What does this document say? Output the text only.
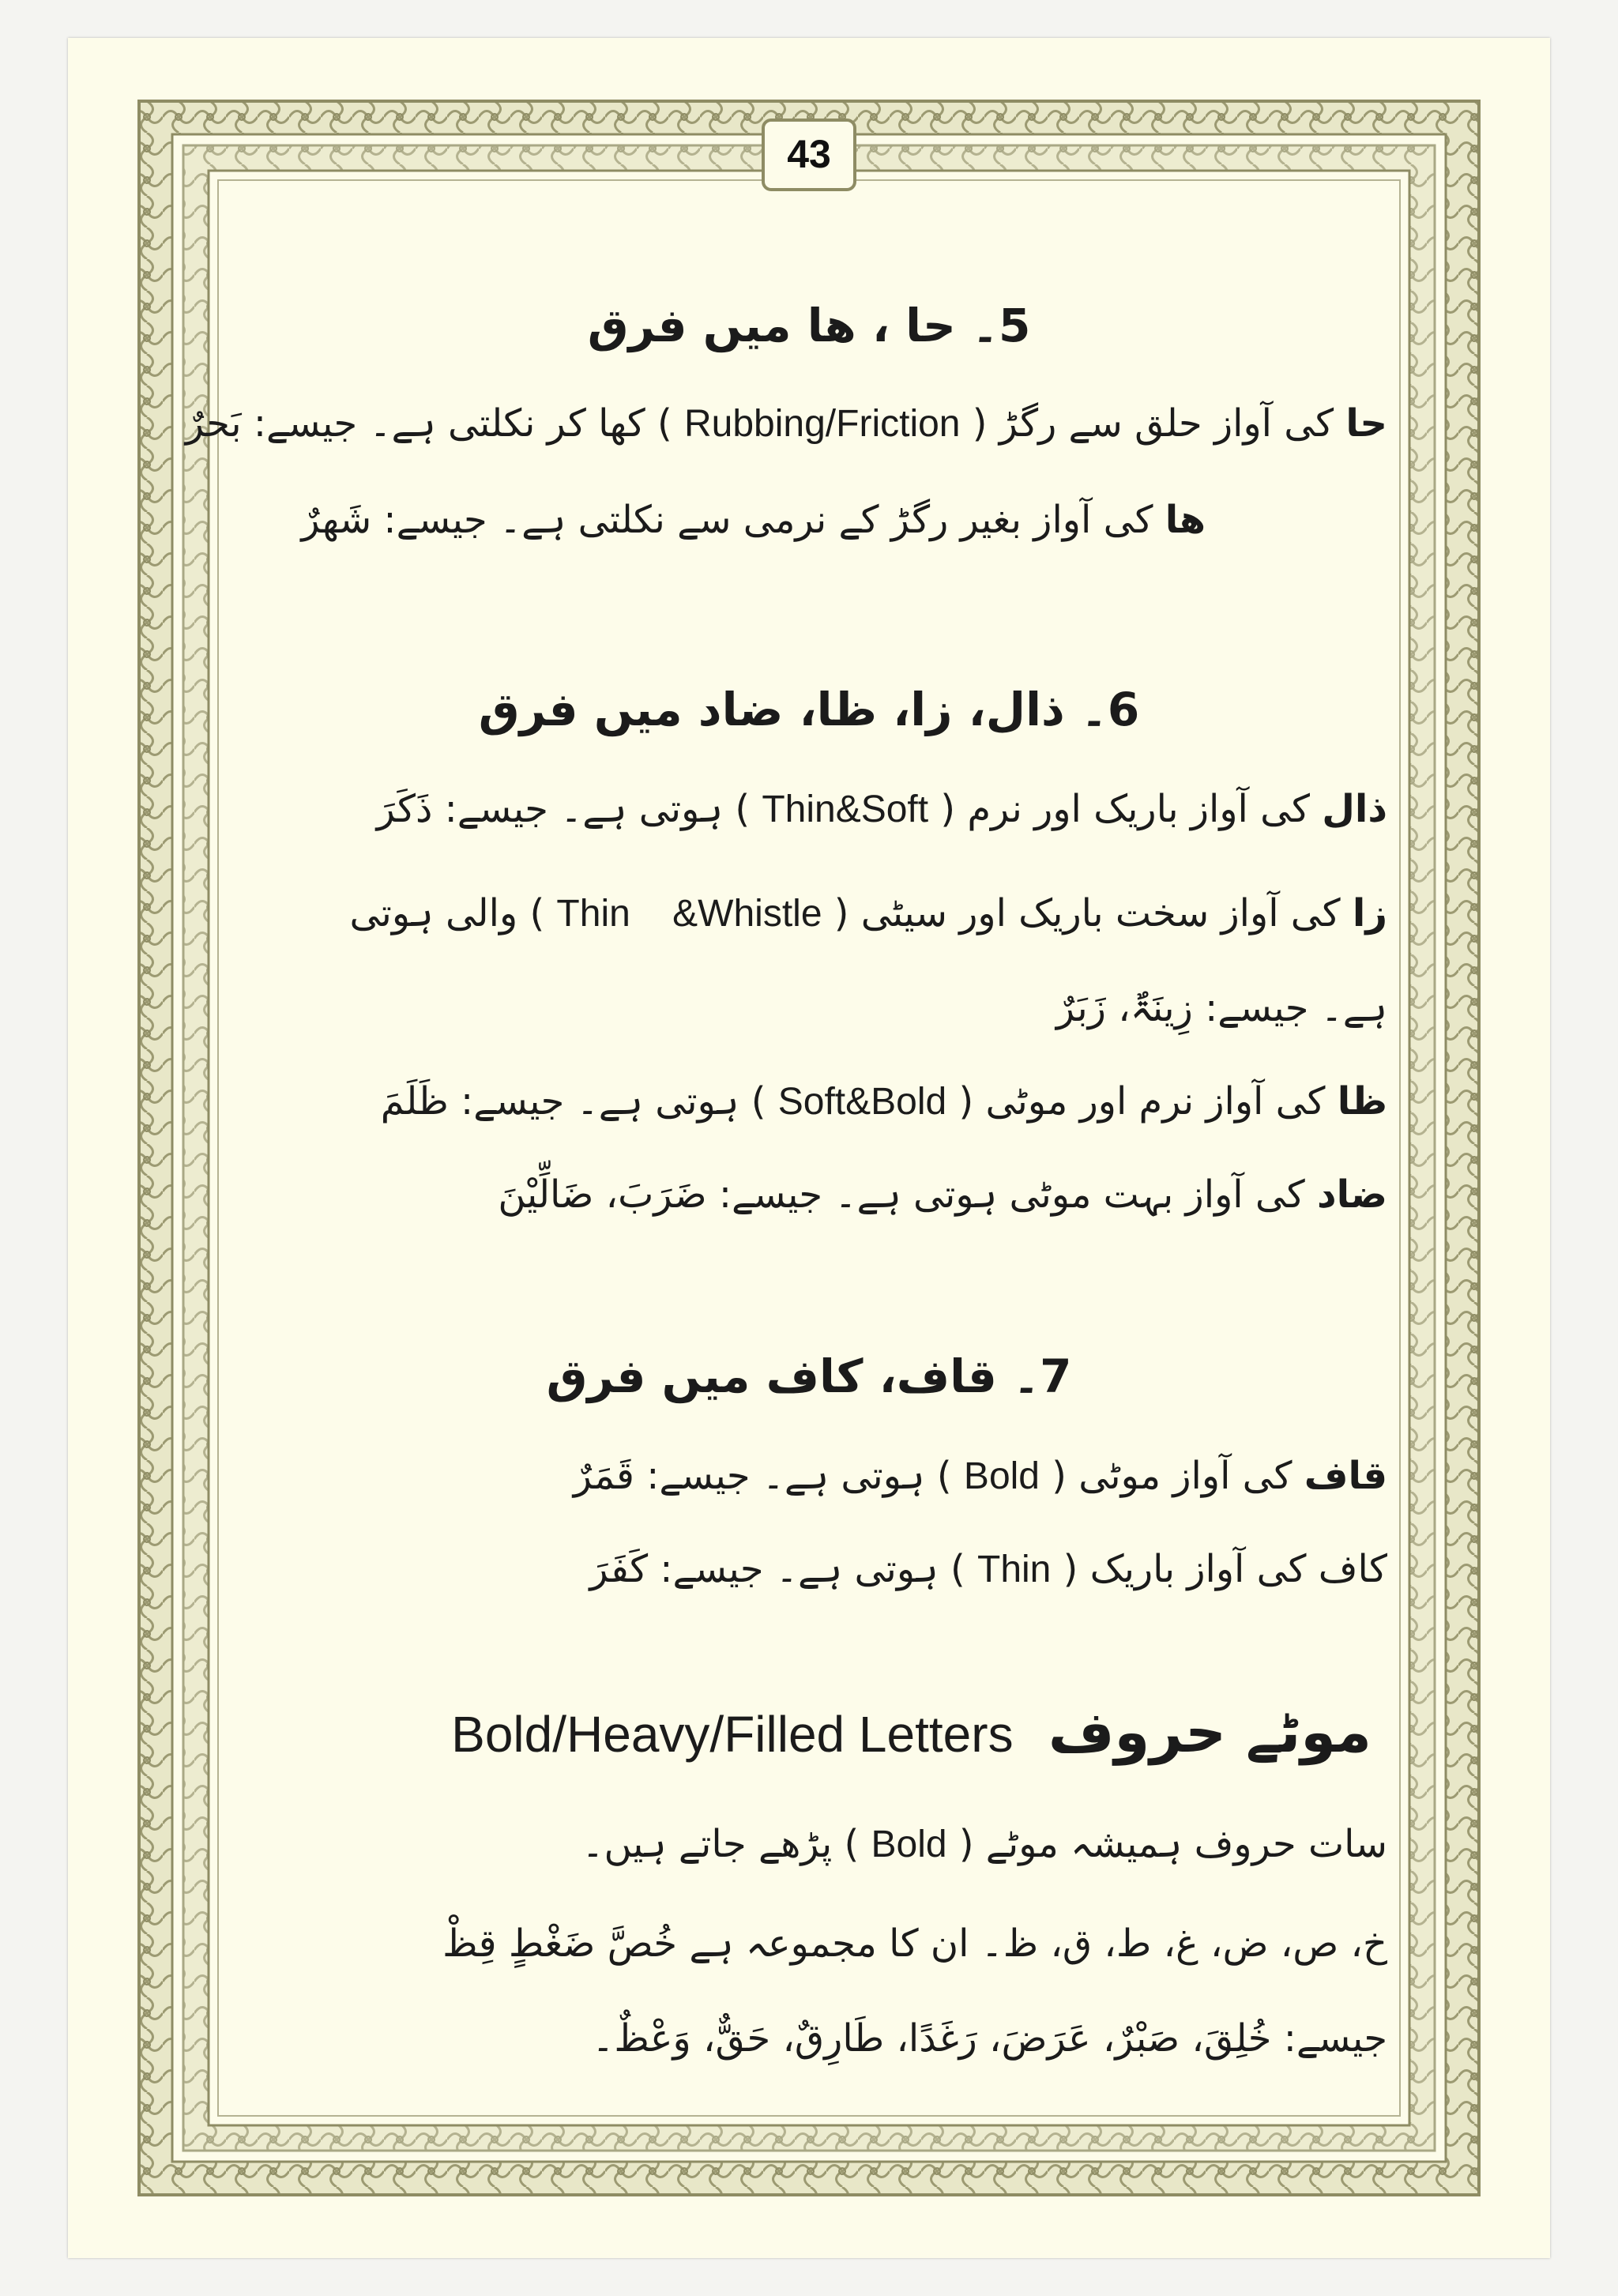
43
5۔ حا ، ھا میں فرق
حا کی آواز حلق سے رگڑ ( Rubbing/Friction ) کھا کر نکلتی ہے۔ جیسے: بَحرٌ
ھا کی آواز بغیر رگڑ کے نرمی سے نکلتی ہے۔ جیسے: شَھرٌ
6۔ ذال، زا، ظا، ضاد میں فرق
ذال کی آواز باریک اور نرم ( Thin&Soft ) ہوتی ہے۔ جیسے: ذَکَرَ
زا کی آواز سخت باریک اور سیٹی ( Thin    &Whistle ) والی ہوتی
ہے۔ جیسے: زِینَۃٌ، زَبَرٌ
ظا کی آواز نرم اور موٹی ( Soft&Bold ) ہوتی ہے۔ جیسے: ظَلَمَ
ضاد کی آواز بہت موٹی ہوتی ہے۔ جیسے: ضَرَبَ، ضَالِّیْنَ
7۔ قاف، کاف میں فرق
قاف کی آواز موٹی ( Bold ) ہوتی ہے۔ جیسے: قَمَرٌ
کاف کی آواز باریک ( Thin ) ہوتی ہے۔ جیسے: کَفَرَ
موٹے حروف Bold/Heavy/Filled Letters
سات حروف ہمیشہ موٹے ( Bold ) پڑھے جاتے ہیں۔
خ، ص، ض، غ، ط، ق، ظ۔ ان کا مجموعہ ہے خُصَّ ضَغْطٍ قِظْ
جیسے: خُلِقَ، صَبْرٌ، عَرَضَ، رَغَدًا، طَارِقٌ، حَقٌّ، وَعْظٌ۔
